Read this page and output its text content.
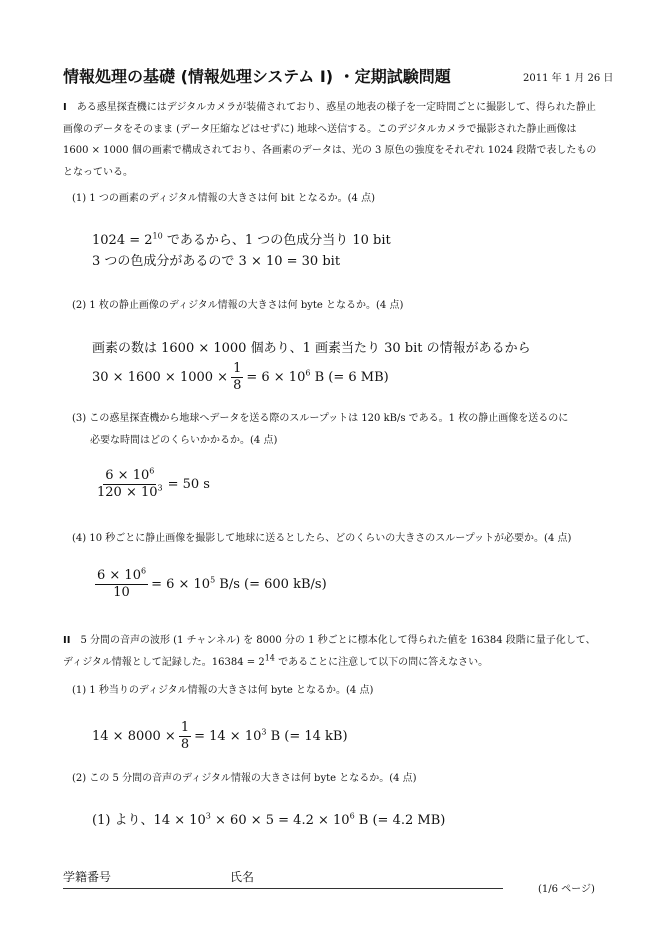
情報処理の基礎 (情報処理システム I) ・定期試験問題	2011 年 1 月 26 日
I ある惑星探査機にはデジタルカメラが装備されており、惑星の地表の様子を一定時間ごとに撮影して、得られた静止画像のデータをそのまま (データ圧縮などはせずに) 地球へ送信する。このデジタルカメラで撮影された静止画像は 1600 × 1000 個の画素で構成されており、各画素のデータは、光の 3 原色の強度をそれぞれ 1024 段階で表したものとなっている。
(1) 1 つの画素のディジタル情報の大きさは何 bit となるか。(4 点)
$1024 = 2^{10}$ であるから、1 つの色成分当り 10 bit
3 つの色成分があるので 3 × 10 = 30 bit
(2) 1 枚の静止画像のディジタル情報の大きさは何 byte となるか。(4 点)
画素の数は 1600 × 1000 個あり、1 画素当たり 30 bit の情報があるから
$30 \times 1600 \times 1000 \times \frac{1}{8} = 6 \times 10^6$ B (= 6 MB)
(3) この惑星探査機から地球へデータを送る際のスループットは 120 kB/s である。1 枚の静止画像を送るのに
必要な時間はどのくらいかかるか。(4 点)
$\frac{6 \times 10^6}{120 \times 10^3} = 50$ s
(4) 10 秒ごとに静止画像を撮影して地球に送るとしたら、どのくらいの大きさのスループットが必要か。(4 点)
$\frac{6 \times 10^6}{10} = 6 \times 10^5$ B/s (= 600 kB/s)
II 5 分間の音声の波形 (1 チャンネル) を 8000 分の 1 秒ごとに標本化して得られた値を 16384 段階に量子化して、ディジタル情報として記録した。$16384 = 2^{14}$ であることに注意して以下の問に答えなさい。
(1) 1 秒当りのディジタル情報の大きさは何 byte となるか。(4 点)
$14 \times 8000 \times \frac{1}{8} = 14 \times 10^3$ B (= 14 kB)
(2) この 5 分間の音声のディジタル情報の大きさは何 byte となるか。(4 点)
(1) より、$14 \times 10^3 \times 60 \times 5 = 4.2 \times 10^6$ B (= 4.2 MB)
学籍番号	氏名
(1/6 ページ)
